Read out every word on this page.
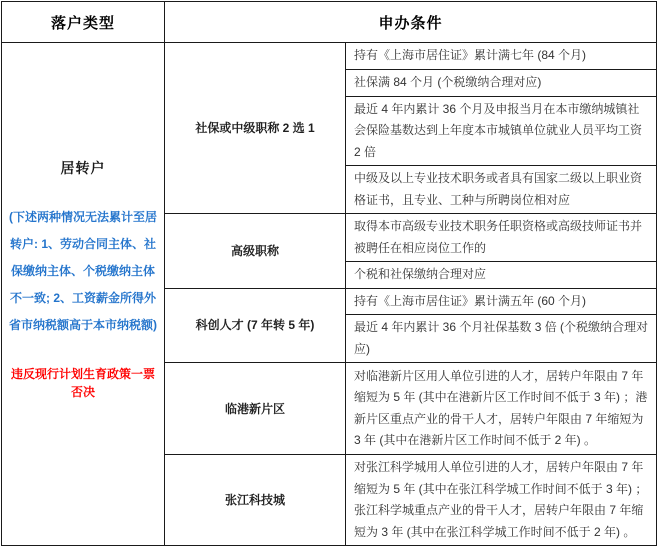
落户类型	申办条件	

居转户
(下述两种情况无法累计至居转户: 1、劳动合同主体、社保缴纳主体、个税缴纳主体不一致; 2、工资薪金所得外省市纳税额高于本市纳税额)
违反现行计划生育政策一票否决	社保或中级职称 2 选 1	持有《上海市居住证》累计满七年 (84 个月)
		社保满 84 个月 (个税缴纳合理对应)
		最近 4 年内累计 36 个月及申报当月在本市缴纳城镇社会保险基数达到上年度本市城镇单位就业人员平均工资 2 倍
		中级及以上专业技术职务或者具有国家二级以上职业资格证书，且专业、工种与所聘岗位相对应
	高级职称	取得本市高级专业技术职务任职资格或高级技师证书并被聘任在相应岗位工作的
		个税和社保缴纳合理对应
	科创人才 (7 年转 5 年)	持有《上海市居住证》累计满五年 (60 个月)
		最近 4 年内累计 36 个月社保基数 3 倍 (个税缴纳合理对应)
	临港新片区	对临港新片区用人单位引进的人才，居转户年限由 7 年缩短为 5 年 (其中在港新片区工作时间不低于 3 年) ；港新片区重点产业的骨干人才，居转户年限由 7 年缩短为 3 年 (其中在港新片区工作时间不低于 2 年) 。
	张江科技城	对张江科学城用人单位引进的人才，居转户年限由 7 年缩短为 5 年 (其中在张江科学城工作时间不低于 3 年) ；张江科学城重点产业的骨干人才，居转户年限由 7 年缩短为 3 年 (其中在张江科学城工作时间不低于 2 年) 。
